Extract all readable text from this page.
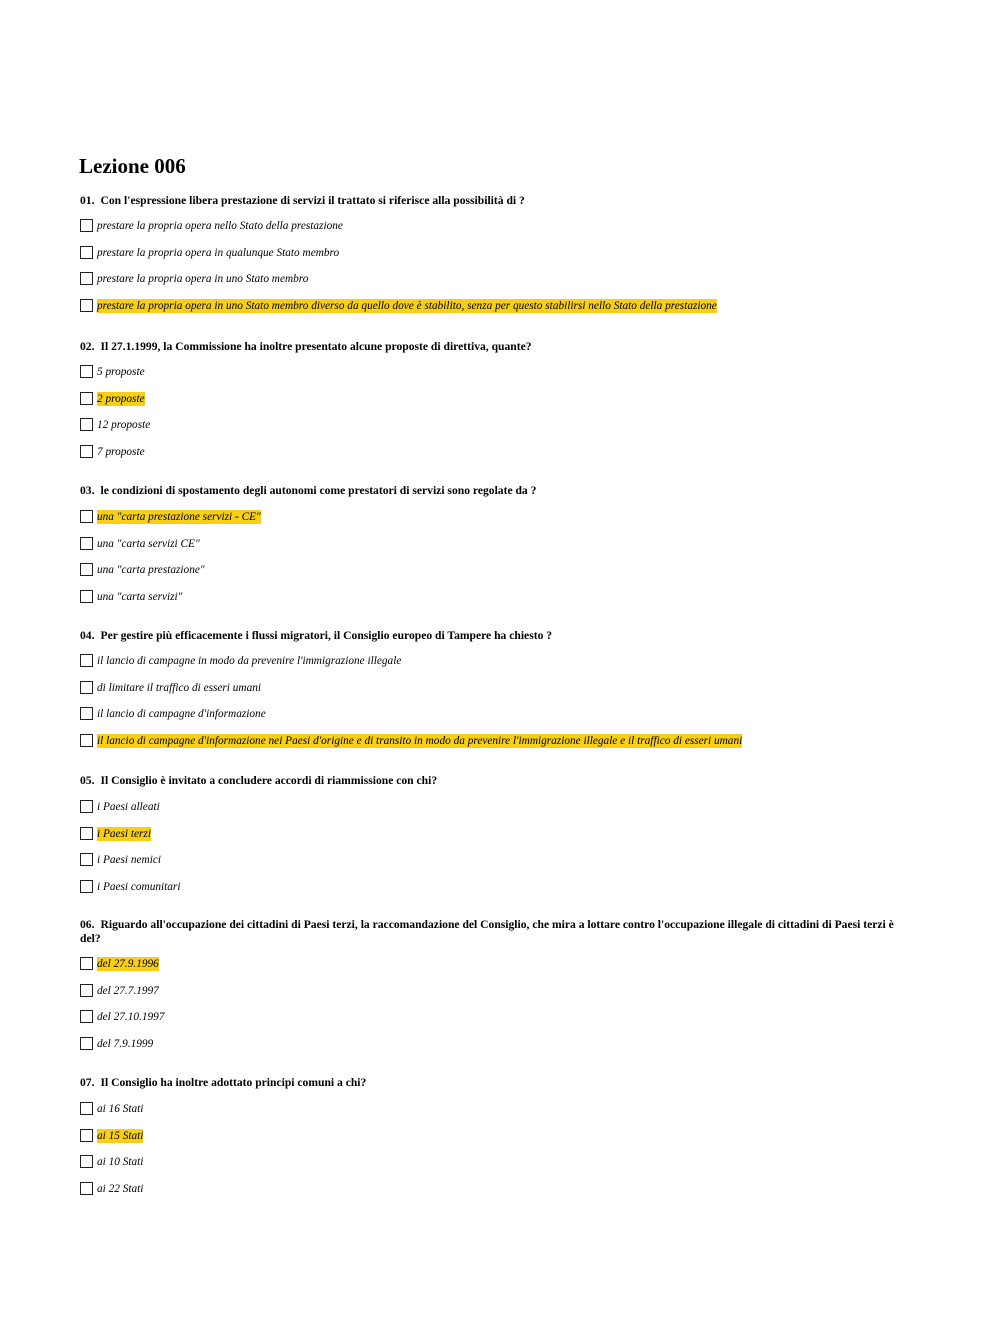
Lezione 006
01. Con l'espressione libera prestazione di servizi il trattato si riferisce alla possibilità di ?
prestare la propria opera nello Stato della prestazione
prestare la propria opera in qualunque Stato membro
prestare la propria opera in uno Stato membro
prestare la propria opera in uno Stato membro diverso da quello dove è stabilito, senza per questo stabilirsi nello Stato della prestazione
02. Il 27.1.1999, la Commissione ha inoltre presentato alcune proposte di direttiva, quante?
5 proposte
2 proposte
12 proposte
7 proposte
03. le condizioni di spostamento degli autonomi come prestatori di servizi sono regolate da ?
una "carta prestazione servizi - CE"
una "carta servizi CE"
una "carta prestazione"
una "carta servizi"
04. Per gestire più efficacemente i flussi migratori, il Consiglio europeo di Tampere ha chiesto ?
il lancio di campagne in modo da prevenire l'immigrazione illegale
di limitare il traffico di esseri umani
il lancio di campagne d'informazione
il lancio di campagne d'informazione nei Paesi d'origine e di transito in modo da prevenire l'immigrazione illegale e il traffico di esseri umani
05. Il Consiglio è invitato a concludere accordi di riammissione con chi?
i Paesi alleati
i Paesi terzi
i Paesi nemici
i Paesi comunitari
06. Riguardo all'occupazione dei cittadini di Paesi terzi, la raccomandazione del Consiglio, che mira a lottare contro l'occupazione illegale di cittadini di Paesi terzi è del?
del 27.9.1996
del 27.7.1997
del 27.10.1997
del 7.9.1999
07. Il Consiglio ha inoltre adottato principi comuni a chi?
ai 16 Stati
ai 15 Stati
ai 10 Stati
ai 22 Stati
